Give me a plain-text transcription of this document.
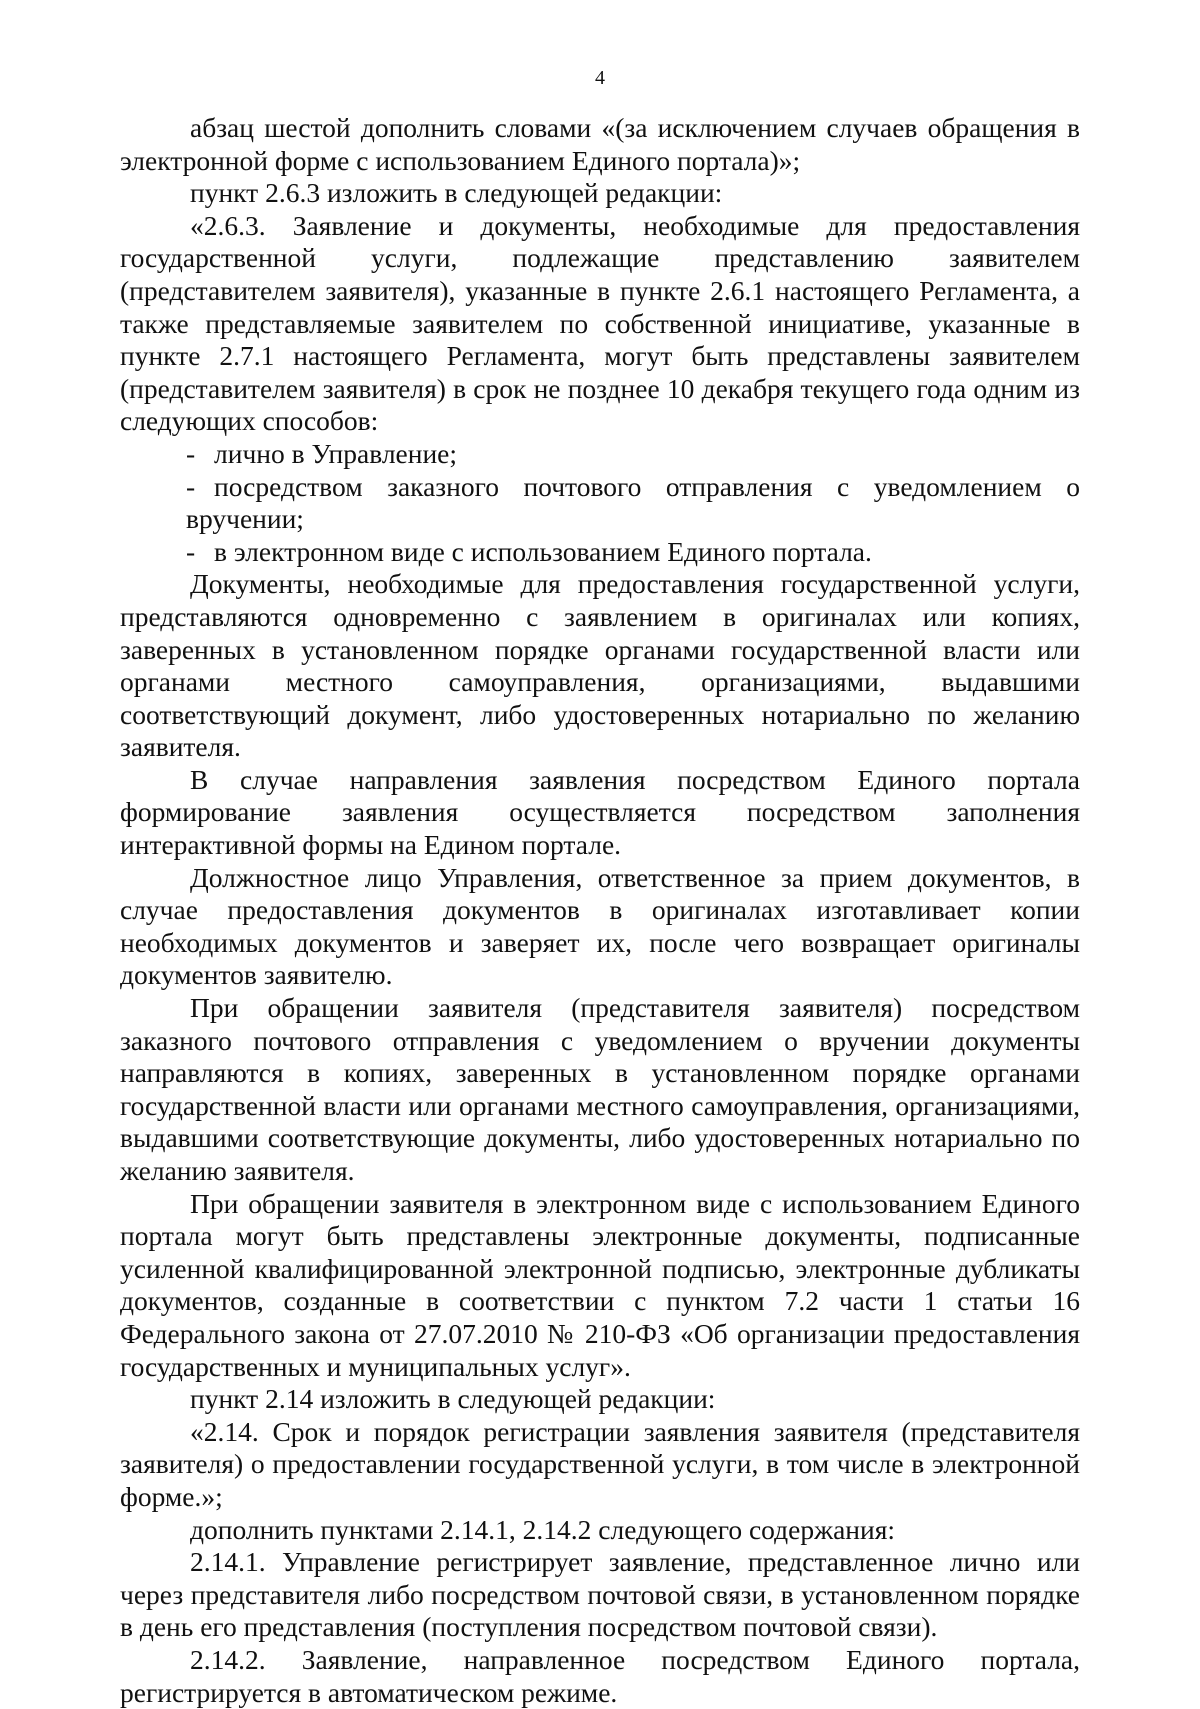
4

абзац шестой дополнить словами «(за исключением случаев обращения в электронной форме с использованием Единого портала)»;

пункт 2.6.3 изложить в следующей редакции:

«2.6.3. Заявление и документы, необходимые для предоставления государственной услуги, подлежащие представлению заявителем (представителем заявителя), указанные в пункте 2.6.1 настоящего Регламента, а также представляемые заявителем по собственной инициативе, указанные в пункте 2.7.1 настоящего Регламента, могут быть представлены заявителем (представителем заявителя) в срок не позднее 10 декабря текущего года одним из следующих способов:

- лично в Управление;

- посредством заказного почтового отправления с уведомлением о вручении;

- в электронном виде с использованием Единого портала.

Документы, необходимые для предоставления государственной услуги, представляются одновременно с заявлением в оригиналах или копиях, заверенных в установленном порядке органами государственной власти или органами местного самоуправления, организациями, выдавшими соответствующий документ, либо удостоверенных нотариально по желанию заявителя.

В случае направления заявления посредством Единого портала формирование заявления осуществляется посредством заполнения интерактивной формы на Едином портале.

Должностное лицо Управления, ответственное за прием документов, в случае предоставления документов в оригиналах изготавливает копии необходимых документов и заверяет их, после чего возвращает оригиналы документов заявителю.

При обращении заявителя (представителя заявителя) посредством заказного почтового отправления с уведомлением о вручении документы направляются в копиях, заверенных в установленном порядке органами государственной власти или органами местного самоуправления, организациями, выдавшими соответствующие документы, либо удостоверенных нотариально по желанию заявителя.

При обращении заявителя в электронном виде с использованием Единого портала могут быть представлены электронные документы, подписанные усиленной квалифицированной электронной подписью, электронные дубликаты документов, созданные в соответствии с пунктом 7.2 части 1 статьи 16 Федерального закона от 27.07.2010 № 210-ФЗ «Об организации предоставления государственных и муниципальных услуг».

пункт 2.14 изложить в следующей редакции:

«2.14. Срок и порядок регистрации заявления заявителя (представителя заявителя) о предоставлении государственной услуги, в том числе в электронной форме.»;

дополнить пунктами 2.14.1, 2.14.2 следующего содержания:

2.14.1. Управление регистрирует заявление, представленное лично или через представителя либо посредством почтовой связи, в установленном порядке в день его представления (поступления посредством почтовой связи).

2.14.2. Заявление, направленное посредством Единого портала, регистрируется в автоматическом режиме.
